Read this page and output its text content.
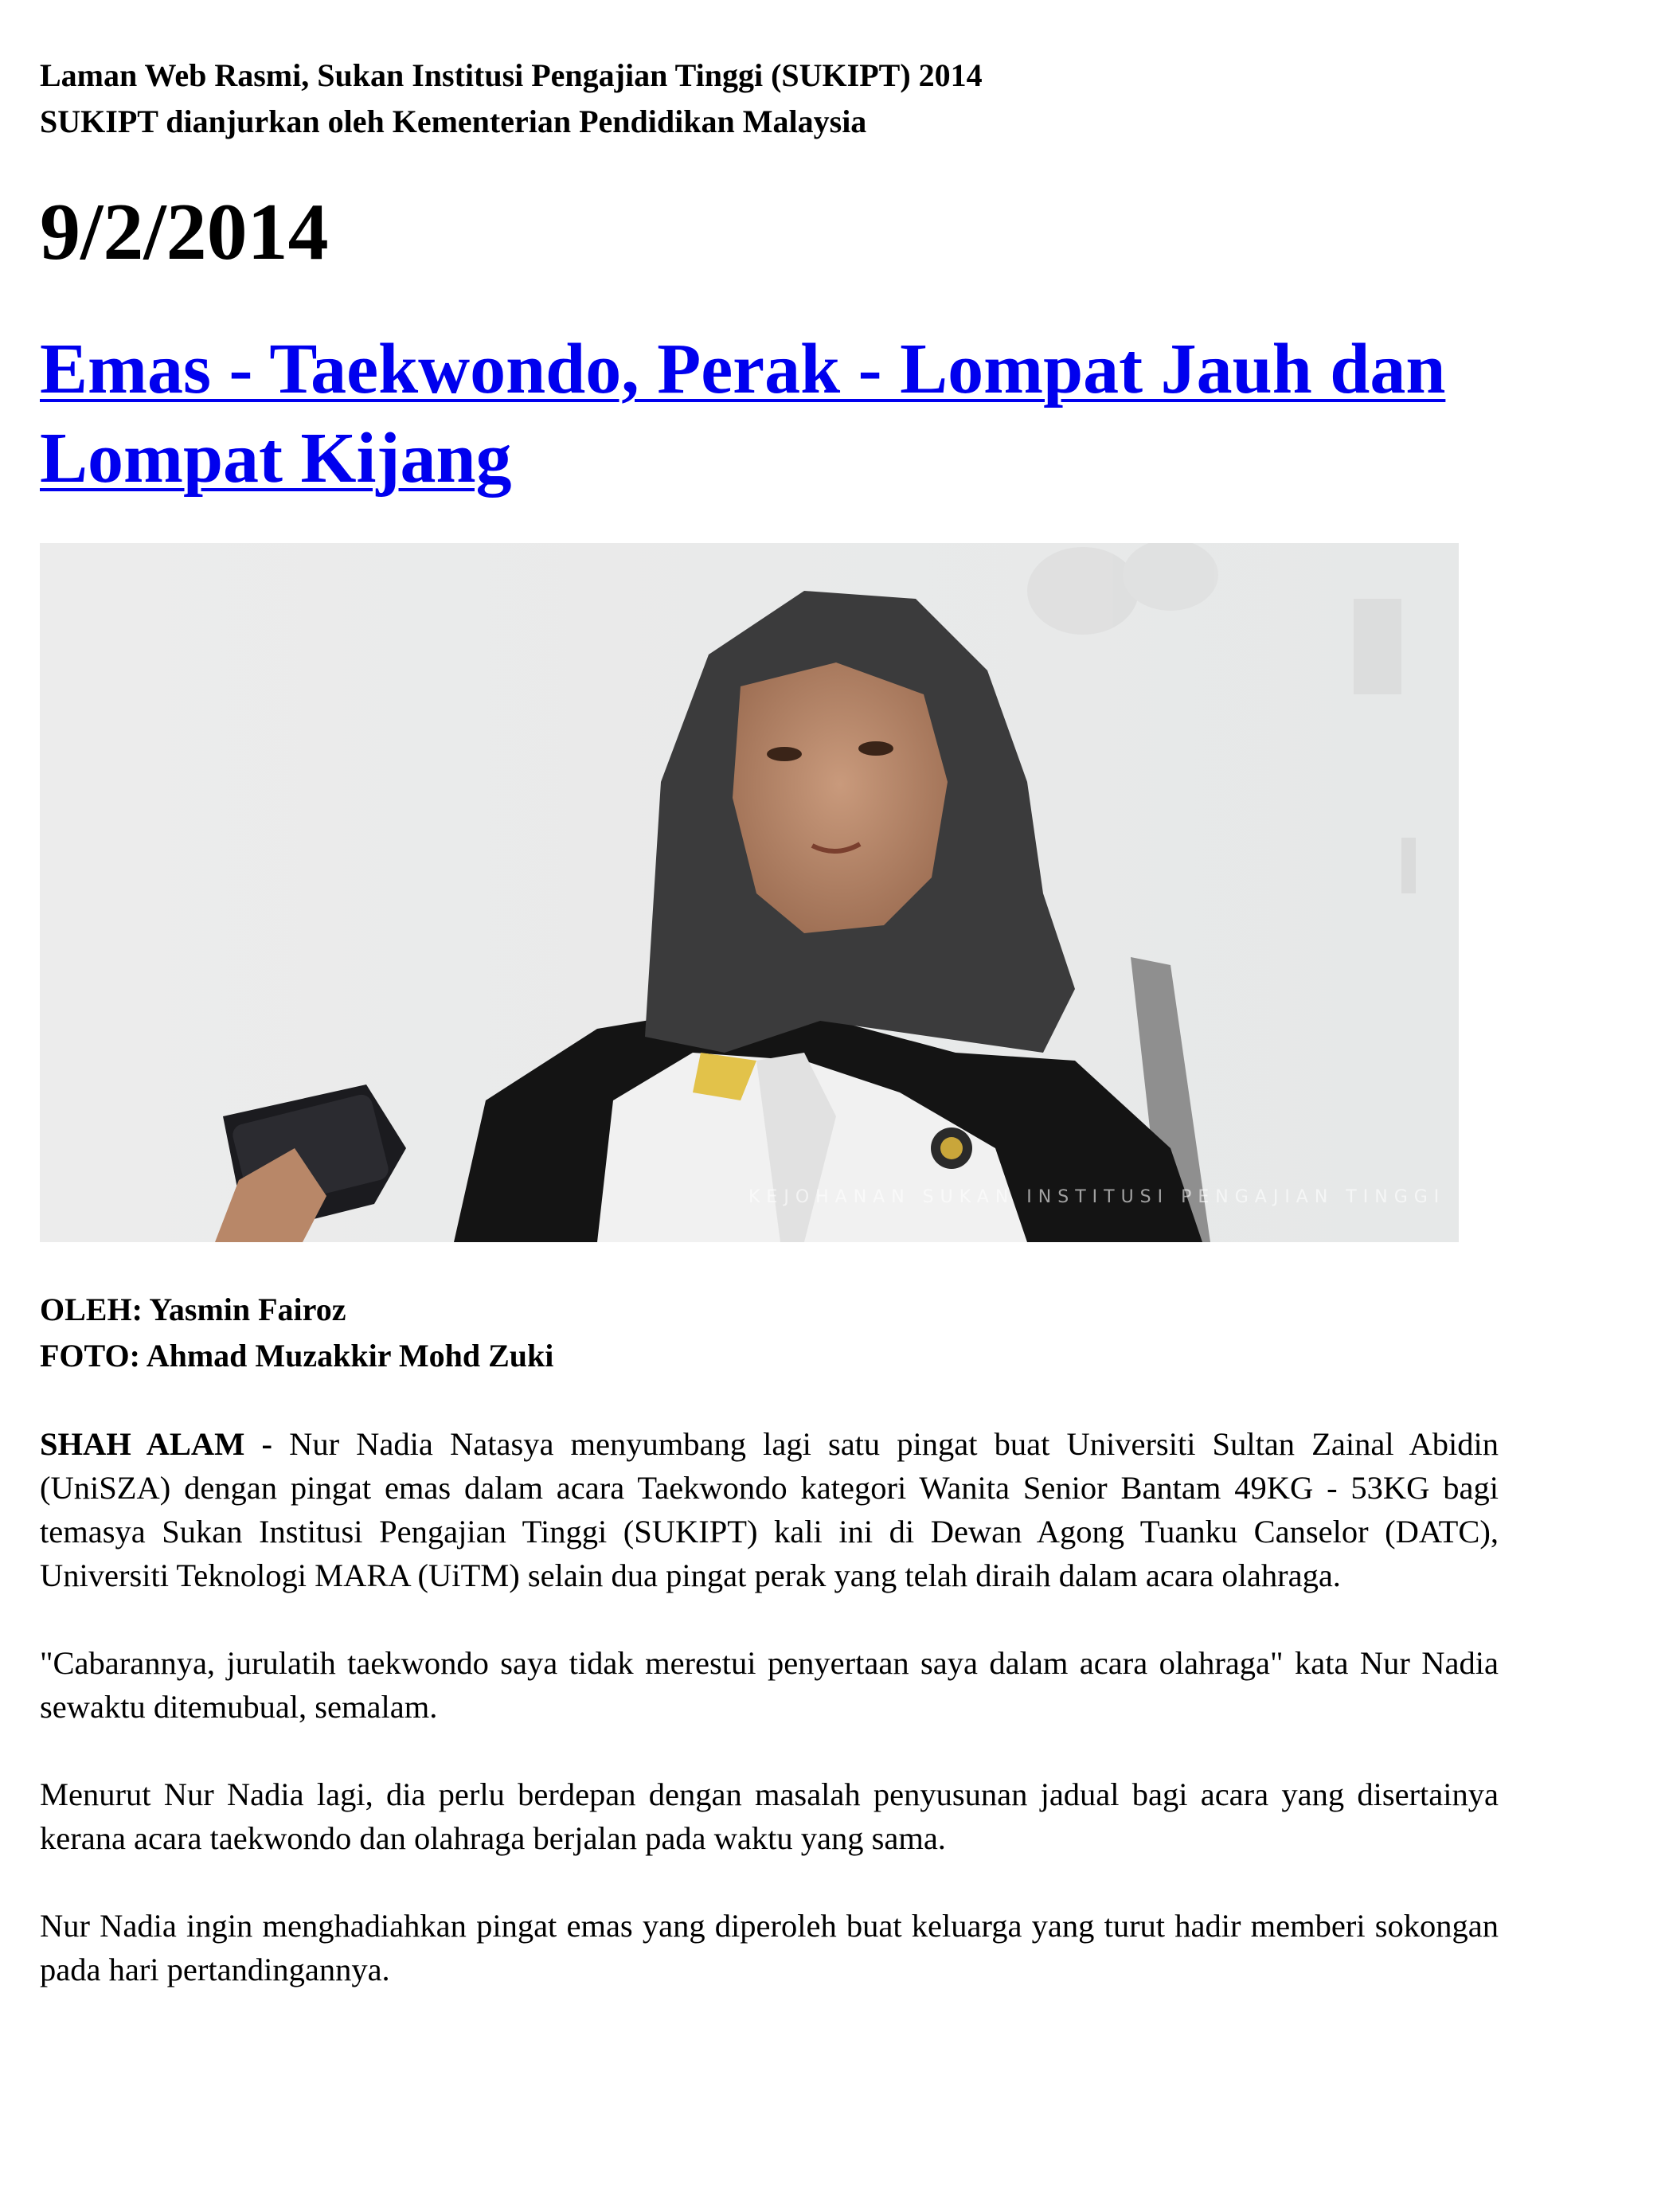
Laman Web Rasmi, Sukan Institusi Pengajian Tinggi (SUKIPT) 2014
SUKIPT dianjurkan oleh Kementerian Pendidikan Malaysia
9/2/2014
Emas - Taekwondo, Perak - Lompat Jauh dan Lompat Kijang
KEJOHANAN SUKAN INSTITUSI PENGAJIAN TINGGI
OLEH: Yasmin Fairoz
FOTO: Ahmad Muzakkir Mohd Zuki

SHAH ALAM - Nur Nadia Natasya menyumbang lagi satu pingat buat Universiti Sultan Zainal Abidin (UniSZA) dengan pingat emas dalam acara Taekwondo kategori Wanita Senior Bantam 49KG - 53KG bagi temasya Sukan Institusi Pengajian Tinggi (SUKIPT) kali ini di Dewan Agong Tuanku Canselor (DATC), Universiti Teknologi MARA (UiTM) selain dua pingat perak yang telah diraih dalam acara olahraga.

"Cabarannya, jurulatih taekwondo saya tidak merestui penyertaan saya dalam acara olahraga" kata Nur Nadia sewaktu ditemubual, semalam.

Menurut Nur Nadia lagi, dia perlu berdepan dengan masalah penyusunan jadual bagi acara yang disertainya kerana acara taekwondo dan olahraga berjalan pada waktu yang sama.

Nur Nadia ingin menghadiahkan pingat emas yang diperoleh buat keluarga yang turut hadir memberi sokongan pada hari pertandingannya.
